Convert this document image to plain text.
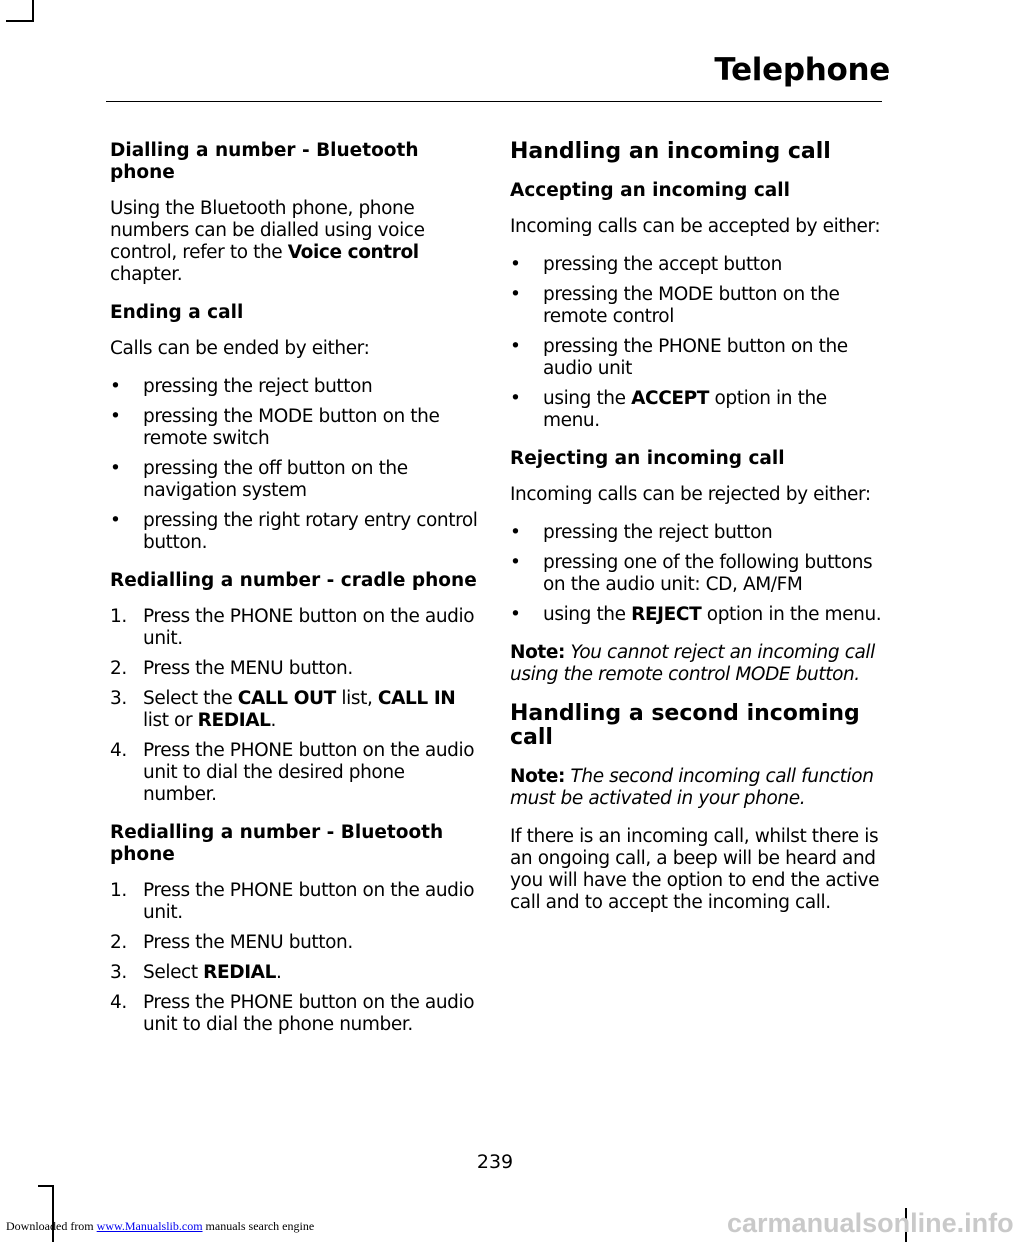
Telephone
Dialling a number - Bluetooth phone
Using the Bluetooth phone, phone numbers can be dialled using voice control, refer to the Voice control chapter.
Ending a call
Calls can be ended by either:
• pressing the reject button
• pressing the MODE button on the remote switch
• pressing the off button on the navigation system
• pressing the right rotary entry control button.
Redialling a number - cradle phone
1. Press the PHONE button on the audio unit.
2. Press the MENU button.
3. Select the CALL OUT list, CALL IN list or REDIAL.
4. Press the PHONE button on the audio unit to dial the desired phone number.
Redialling a number - Bluetooth phone
1. Press the PHONE button on the audio unit.
2. Press the MENU button.
3. Select REDIAL.
4. Press the PHONE button on the audio unit to dial the phone number.
Handling an incoming call
Accepting an incoming call
Incoming calls can be accepted by either:
• pressing the accept button
• pressing the MODE button on the remote control
• pressing the PHONE button on the audio unit
• using the ACCEPT option in the menu.
Rejecting an incoming call
Incoming calls can be rejected by either:
• pressing the reject button
• pressing one of the following buttons on the audio unit: CD, AM/FM
• using the REJECT option in the menu.
Note: You cannot reject an incoming call using the remote control MODE button.
Handling a second incoming call
Note: The second incoming call function must be activated in your phone.
If there is an incoming call, whilst there is an ongoing call, a beep will be heard and you will have the option to end the active call and to accept the incoming call.
239
Downloaded from www.Manualslib.com manuals search engine	carmanualsonline.info
